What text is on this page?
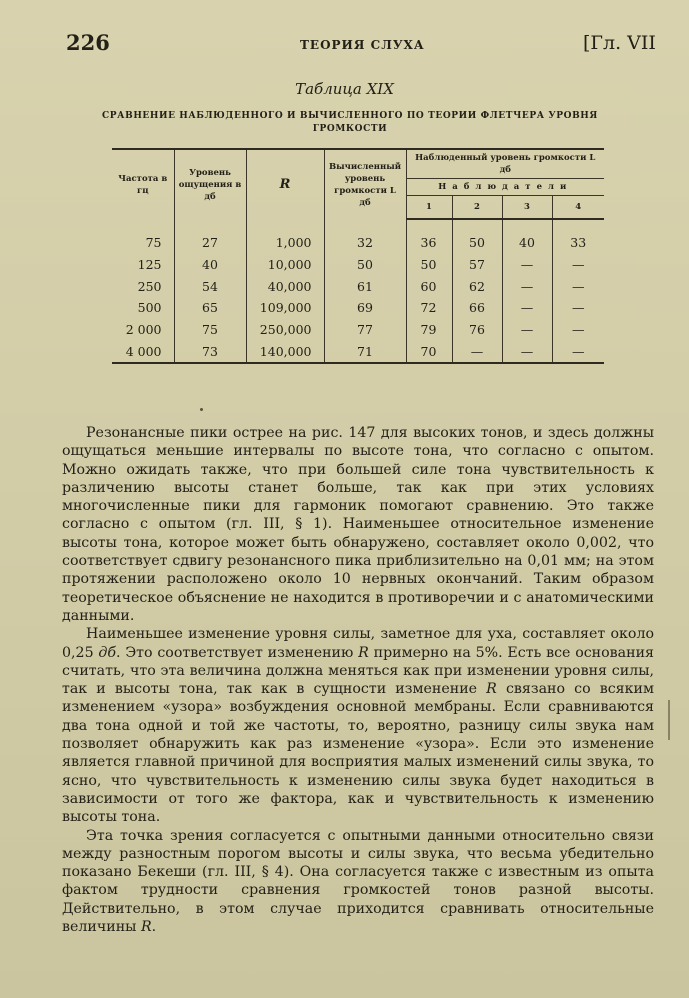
226	ТЕОРИЯ СЛУХА	[Гл. VII
Таблица XIX
СРАВНЕНИЕ НАБЛЮДЕННОГО И ВЫЧИСЛЕННОГО ПО ТЕОРИИ ФЛЕТЧЕРА УРОВНЯ ГРОМКОСТИ
Частота в гц	Уровень ощущения в дб	R	Вычисленный уровень громкости L дб	Наблюденный уровень громкости L дб			
				Наблюдатели			
				1	2	3	4
75	27	1,000	32	36	50	40	33
125	40	10,000	50	50	57	—	—
250	54	40,000	61	60	62	—	—
500	65	109,000	69	72	66	—	—
2 000	75	250,000	77	79	76	—	—
4 000	73	140,000	71	70	—	—	—

Резонансные пики острее на рис. 147 для высоких тонов, и здесь должны ощущаться меньшие интервалы по высоте тона, что согласно с опытом. Можно ожидать также, что при большей силе тона чувствительность к различению высоты станет больше, так как при этих условиях многочисленные пики для гармоник помогают сравнению. Это также согласно с опытом (гл. III, § 1). Наименьшее относительное изменение высоты тона, которое может быть обнаружено, составляет около 0,002, что соответствует сдвигу резонансного пика приблизительно на 0,01 мм; на этом протяжении расположено около 10 нервных окончаний. Таким образом теоретическое объяснение не находится в противоречии и с анатомическими данными.

Наименьшее изменение уровня силы, заметное для уха, составляет около 0,25 дб. Это соответствует изменению R примерно на 5%. Есть все основания считать, что эта величина должна меняться как при изменении уровня силы, так и высоты тона, так как в сущности изменение R связано со всяким изменением «узора» возбуждения основной мембраны. Если сравниваются два тона одной и той же частоты, то, вероятно, разницу силы звука нам позволяет обнаружить как раз изменение «узора». Если это изменение является главной причиной для восприятия малых изменений силы звука, то ясно, что чувствительность к изменению силы звука будет находиться в зависимости от того же фактора, как и чувствительность к изменению высоты тона.

Эта точка зрения согласуется с опытными данными относительно связи между разностным порогом высоты и силы звука, что весьма убедительно показано Бекеши (гл. III, § 4). Она согласуется также с известным из опыта фактом трудности сравнения громкостей тонов разной высоты. Действительно, в этом случае приходится сравнивать относительные величины R.
